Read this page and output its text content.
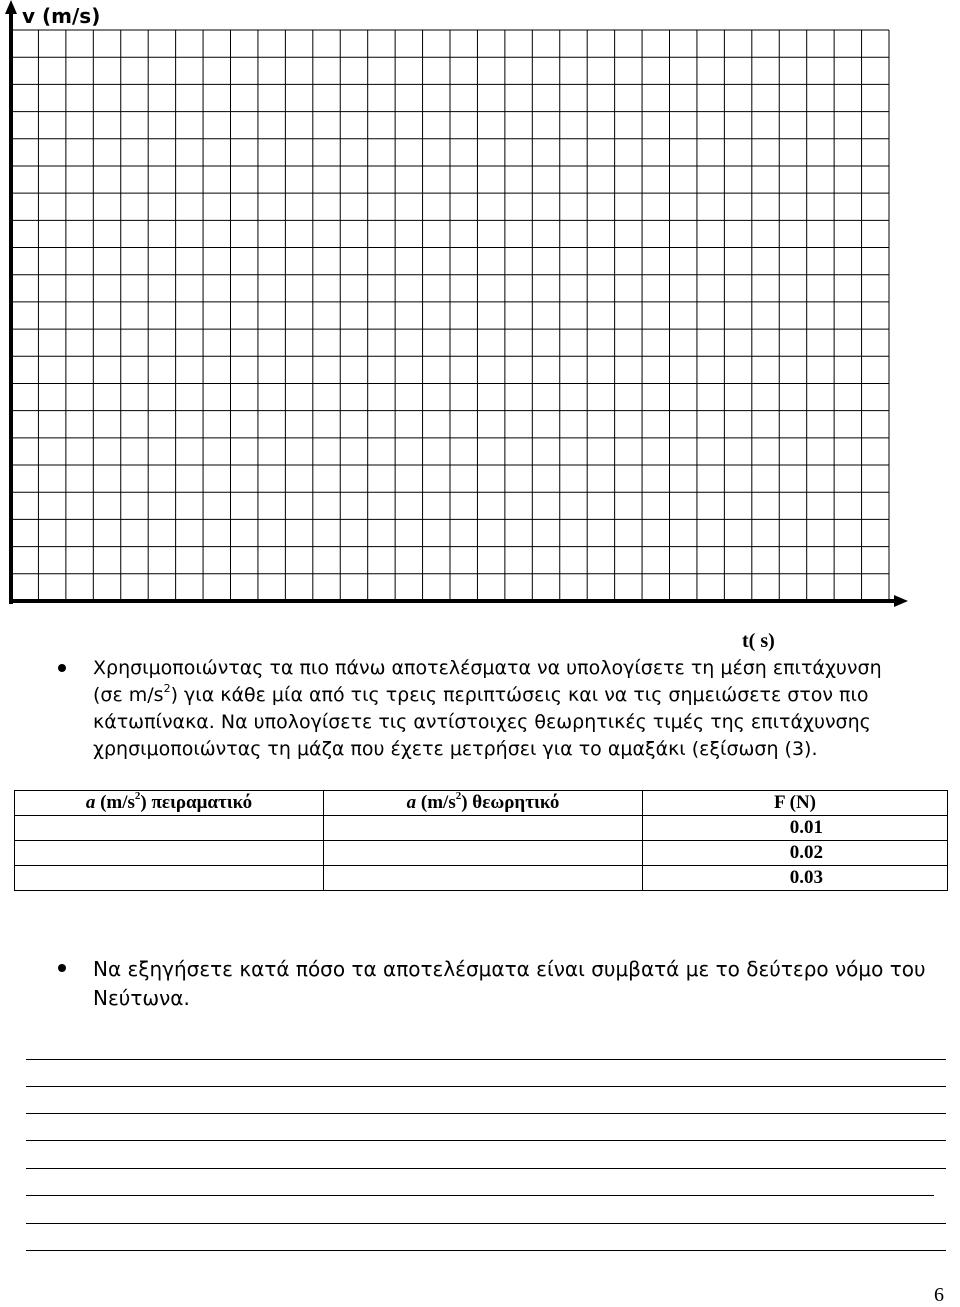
v (m/s)
t( s)
Χρησιμοποιώντας τα πιο πάνω αποτελέσματα να υπολογίσετε τη μέση επιτάχυνση
(σε $m/s^2$) για κάθε μία από τις τρεις περιπτώσεις και να τις σημειώσετε στον πιο
κάτωπίνακα. Να υπολογίσετε τις αντίστοιχες θεωρητικές τιμές της επιτάχυνσης
χρησιμοποιώντας τη μάζα που έχετε μετρήσει για το αμαξάκι (εξίσωση (3).
a $(m/s^2)$ πειραματικό	a $(m/s^2)$ θεωρητικό	F (N)
		0.01
		0.02
		0.03
Να εξηγήσετε κατά πόσο τα αποτελέσματα είναι συμβατά με το δεύτερο νόμο του
Νεύτωνα.
6
